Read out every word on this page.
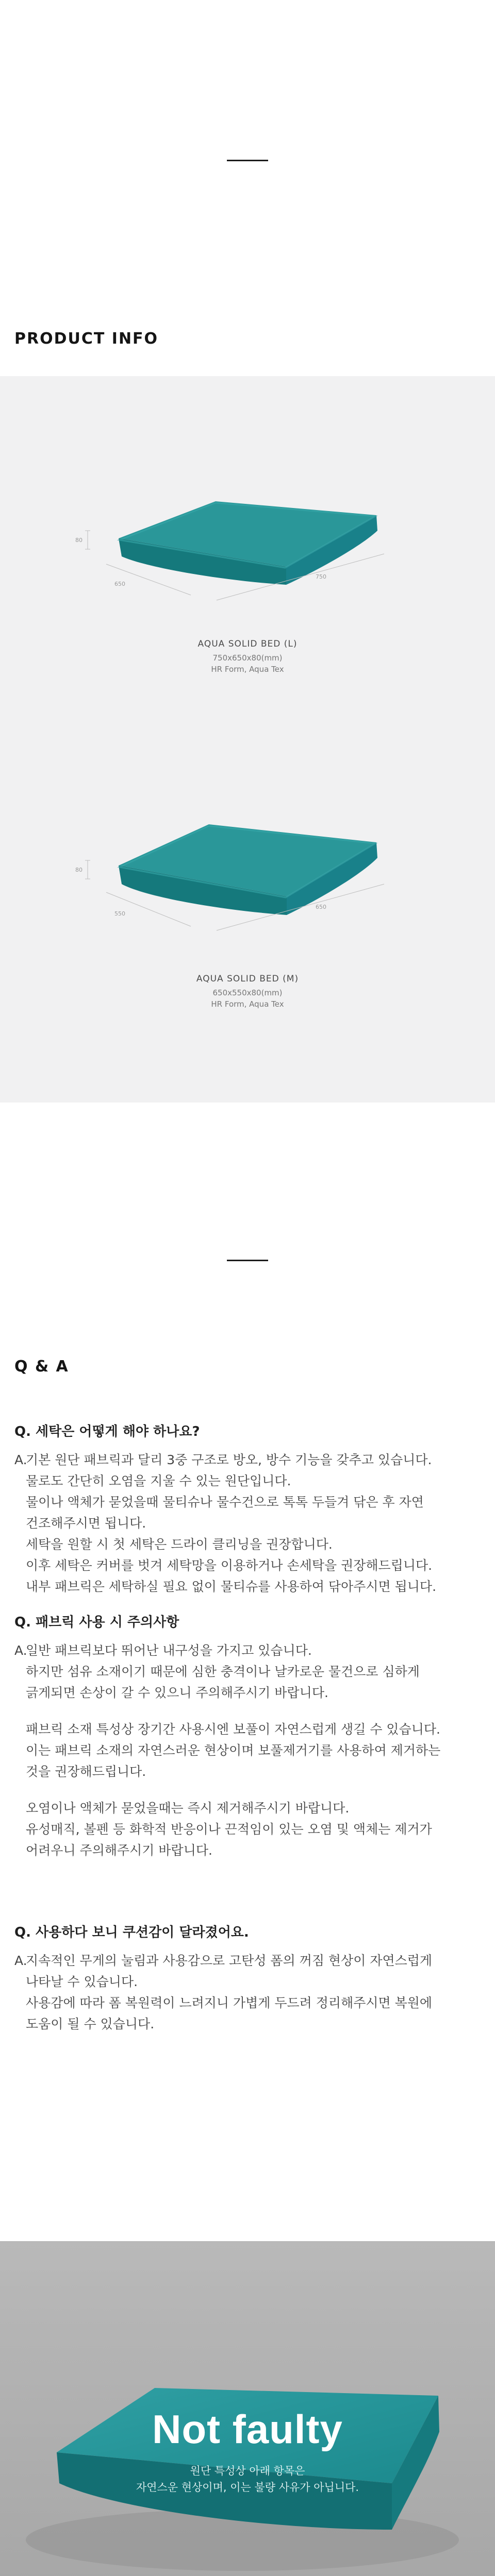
PRODUCT INFO
80
650
750
AQUA SOLID BED (L)
750x650x80(mm)
HR Form, Aqua Tex
80
550
650
AQUA SOLID BED (M)
650x550x80(mm)
HR Form, Aqua Tex
Q & A
Q. 세탁은 어떻게 해야 하나요?
A.

기본 원단 패브릭과 달리 3중 구조로 방오, 방수 기능을 갖추고 있습니다.

물로도 간단히 오염을 지울 수 있는 원단입니다.

물이나 액체가 묻었을때 물티슈나 물수건으로 톡톡 두들겨 닦은 후 자연

건조해주시면 됩니다.

세탁을 원할 시 첫 세탁은 드라이 클리닝을 권장합니다.

이후 세탁은 커버를 벗겨 세탁망을 이용하거나 손세탁을 권장해드립니다.

내부 패브릭은 세탁하실 필요 없이 물티슈를 사용하여 닦아주시면 됩니다.

Q. 패브릭 사용 시 주의사항
A.

일반 패브릭보다 뛰어난 내구성을 가지고 있습니다.

하지만 섬유 소재이기 때문에 심한 충격이나 날카로운 물건으로 심하게

긁게되면 손상이 갈 수 있으니 주의해주시기 바랍니다.

패브릭 소재 특성상 장기간 사용시엔 보풀이 자연스럽게 생길 수 있습니다.

이는 패브릭 소재의 자연스러운 현상이며 보풀제거기를 사용하여 제거하는

것을 권장해드립니다.

오염이나 액체가 묻었을때는 즉시 제거해주시기 바랍니다.

유성매직, 볼펜 등 화학적 반응이나 끈적임이 있는 오염 및 액체는 제거가

어려우니 주의해주시기 바랍니다.

Q. 사용하다 보니 쿠션감이 달라졌어요.
A.

지속적인 무게의 눌림과 사용감으로 고탄성 폼의 꺼짐 현상이 자연스럽게

나타날 수 있습니다.

사용감에 따라 폼 복원력이 느려지니 가볍게 두드려 정리해주시면 복원에

도움이 될 수 있습니다.

Not faulty
원단 특성상 아래 항목은
자연스운 현상이며, 이는 불량 사유가 아닙니다.
